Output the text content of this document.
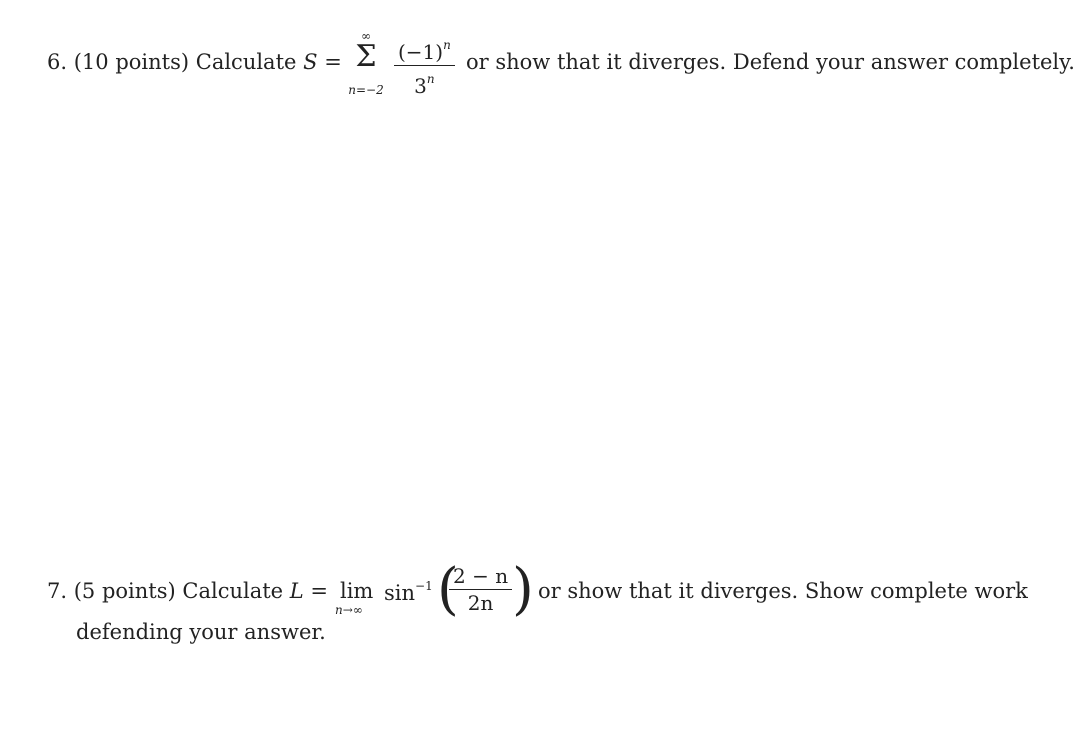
6. (10 points) Calculate S =
∞
Σ
n=−2
$(-1)^n$
3$^n$
or show that it diverges. Defend your answer completely.
7. (5 points) Calculate L = lim
n→∞
$\sin^{-1}$ (
2 − n
2n ) or show that it diverges. Show complete work
defending your answer.
